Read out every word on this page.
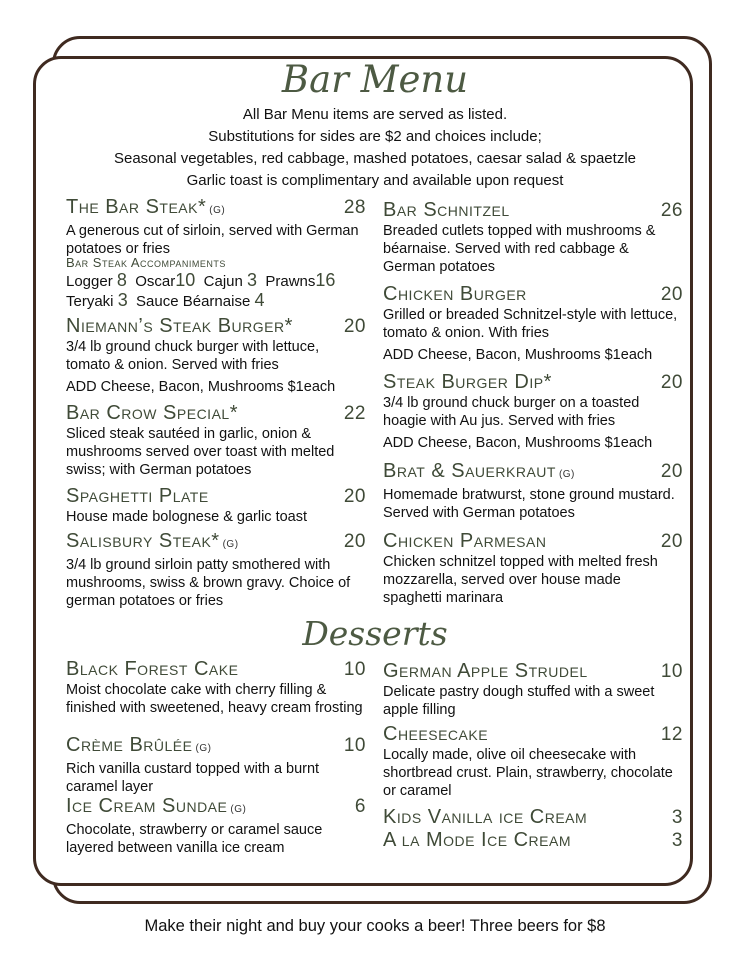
Bar Menu
All Bar Menu items are served as listed.
Substitutions for sides are $2 and choices include;
Seasonal vegetables, red cabbage, mashed potatoes, caesar salad & spaetzle
Garlic toast is complimentary and available upon request
The Bar Steak* (G)	28
A generous cut of sirloin, served with German potatoes or fries
Bar Steak Accompaniments
Logger 8 Oscar10 Cajun 3 Prawns16
Teryaki 3 Sauce Béarnaise 4
Niemann’s Steak Burger*	20
3/4 lb ground chuck burger with lettuce, tomato & onion. Served with fries
ADD Cheese, Bacon, Mushrooms $1each
Bar Crow Special*	22
Sliced steak sautéed in garlic, onion & mushrooms served over toast with melted swiss; with German potatoes
Spaghetti Plate	20
House made bolognese & garlic toast
Salisbury Steak* (G)	20
3/4 lb ground sirloin patty smothered with mushrooms, swiss & brown gravy. Choice of german potatoes or fries
Black Forest Cake	10
Moist chocolate cake with cherry filling & finished with sweetened, heavy cream frosting
Crème Brûlée (G)	10
Rich vanilla custard topped with a burnt caramel layer
Ice Cream Sundae (G)	6
Chocolate, strawberry or caramel sauce layered between vanilla ice cream
Bar Schnitzel	26
Breaded cutlets topped with mushrooms & béarnaise. Served with red cabbage & German potatoes
Chicken Burger	20
Grilled or breaded Schnitzel-style with lettuce, tomato & onion. With fries
ADD Cheese, Bacon, Mushrooms $1each
Steak Burger Dip*	20
3/4 lb ground chuck burger on a toasted hoagie with Au jus. Served with fries
ADD Cheese, Bacon, Mushrooms $1each
Brat & Sauerkraut (G)	20
Homemade bratwurst, stone ground mustard. Served with German potatoes
Chicken Parmesan	20
Chicken schnitzel topped with melted fresh mozzarella, served over house made spaghetti marinara
German Apple Strudel	10
Delicate pastry dough stuffed with a sweet apple filling
Cheesecake	12
Locally made, olive oil cheesecake with shortbread crust. Plain, strawberry, chocolate or caramel
Kids Vanilla ice Cream	3
A la Mode Ice Cream	3
Desserts
Make their night and buy your cooks a beer! Three beers for $8
